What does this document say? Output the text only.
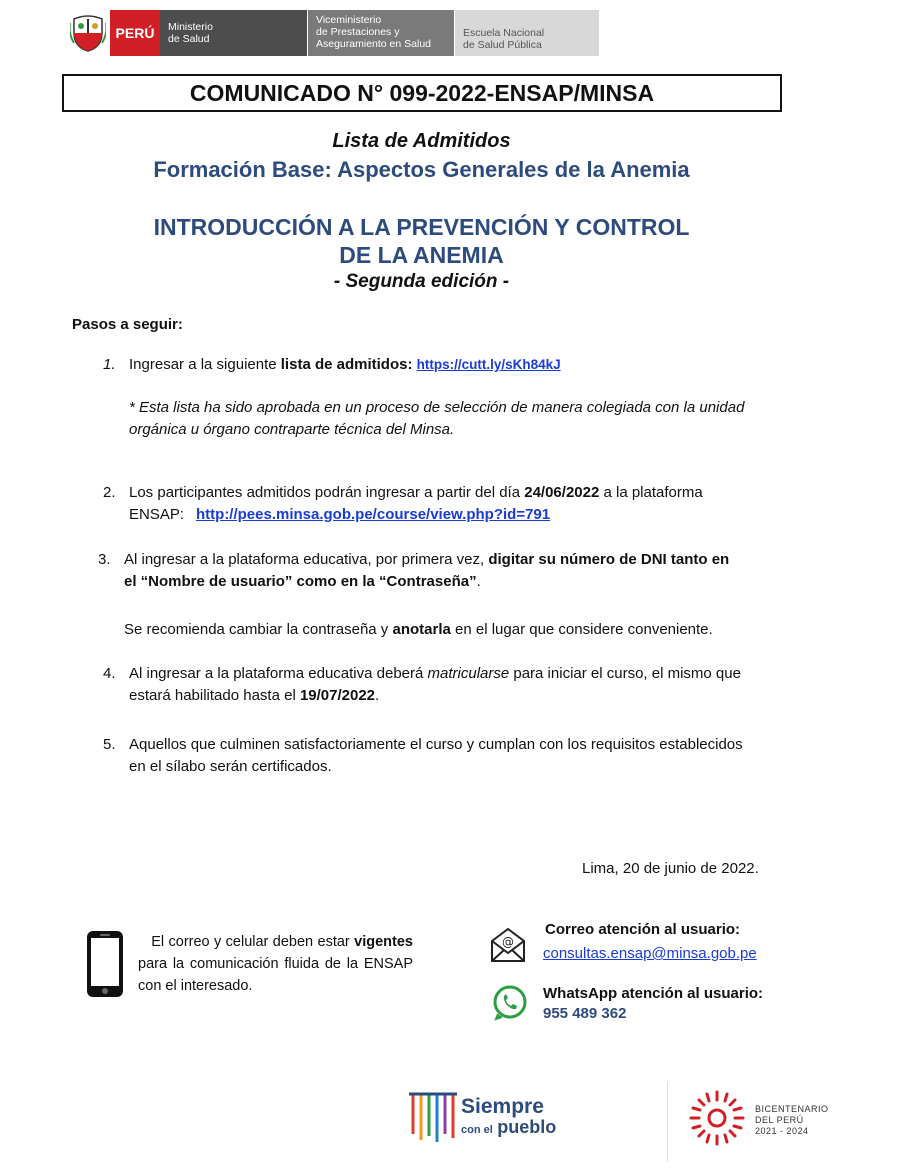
PERÚ	Ministerio
de Salud
Viceministerio
de Prestaciones y
Aseguramiento en Salud
Escuela Nacional
de Salud Pública
COMUNICADO N° 099-2022-ENSAP/MINSA
Lista de Admitidos
Formación Base: Aspectos Generales de la Anemia
INTRODUCCIÓN A LA PREVENCIÓN Y CONTROL
DE LA ANEMIA
- Segunda edición -
Pasos a seguir:
1. Ingresar a la siguiente lista de admitidos: https://cutt.ly/sKh84kJ
* Esta lista ha sido aprobada en un proceso de selección de manera colegiada con la unidad orgánica u órgano contraparte técnica del Minsa.
2. Los participantes admitidos podrán ingresar a partir del día 24/06/2022 a la plataforma
ENSAP: http://pees.minsa.gob.pe/course/view.php?id=791
3. Al ingresar a la plataforma educativa, por primera vez, digitar su número de DNI tanto en
el “Nombre de usuario” como en la “Contraseña”.
Se recomienda cambiar la contraseña y anotarla en el lugar que considere conveniente.
4. Al ingresar a la plataforma educativa deberá matricularse para iniciar el curso, el mismo que
estará habilitado hasta el 19/07/2022.
5. Aquellos que culminen satisfactoriamente el curso y cumplan con los requisitos establecidos
en el sílabo serán certificados.
Lima, 20 de junio de 2022.
El correo y celular deben estar vigentes para la comunicación fluida de la ENSAP con el interesado.
@
Correo atención al usuario:
consultas.ensap@minsa.gob.pe
WhatsApp atención al usuario:
955 489 362
Siempre
con el pueblo
BICENTENARIO
DEL PERÚ
2021 - 2024
